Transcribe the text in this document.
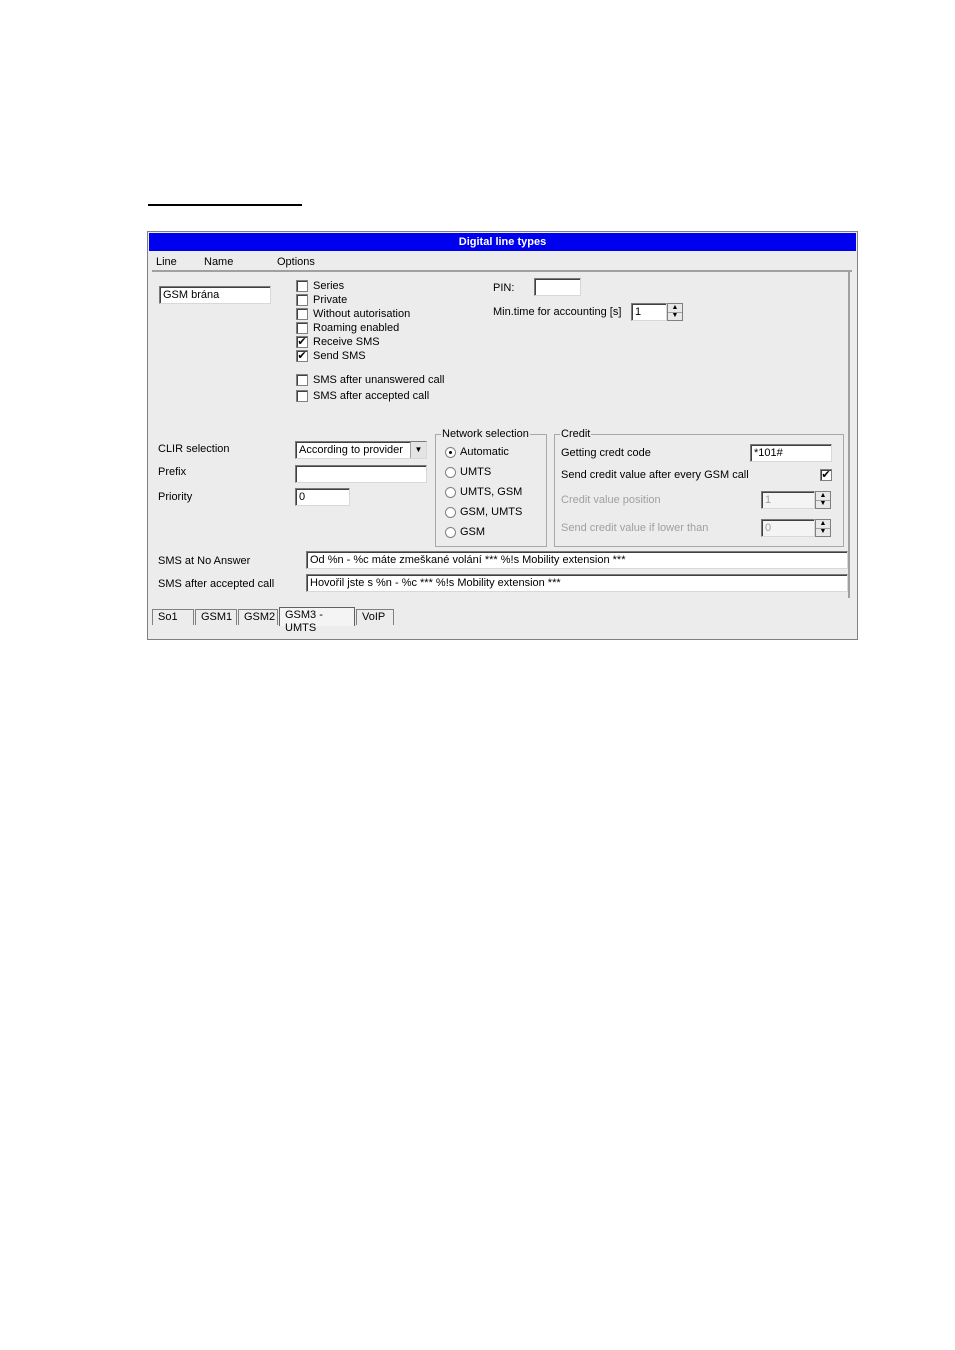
Digital line types
Line Name	Options
GSM brána
Series
Private
Without autorisation
Roaming enabled
✔ Receive SMS
✔ Send SMS
SMS after unanswered call
SMS after accepted call
PIN:
Min.time for accounting [s]	1	▲
▼
CLIR selection	According to provider	▼
Prefix
Priority	0
Network selection
Automatic
UMTS
UMTS, GSM
GSM, UMTS
GSM
Credit
Getting credt code	*101#
Send credit value after every GSM call	✔
Credit value position	1	▲
▼
Send credit value if lower than	0	▲
▼
SMS at No Answer	Od %n - %c máte zmeškané volání *** %!s Mobility extension ***
SMS after accepted call	Hovořil jste s %n - %c *** %!s Mobility extension ***
So1	GSM1	GSM2 GSM3 - UMTS
VoIP
